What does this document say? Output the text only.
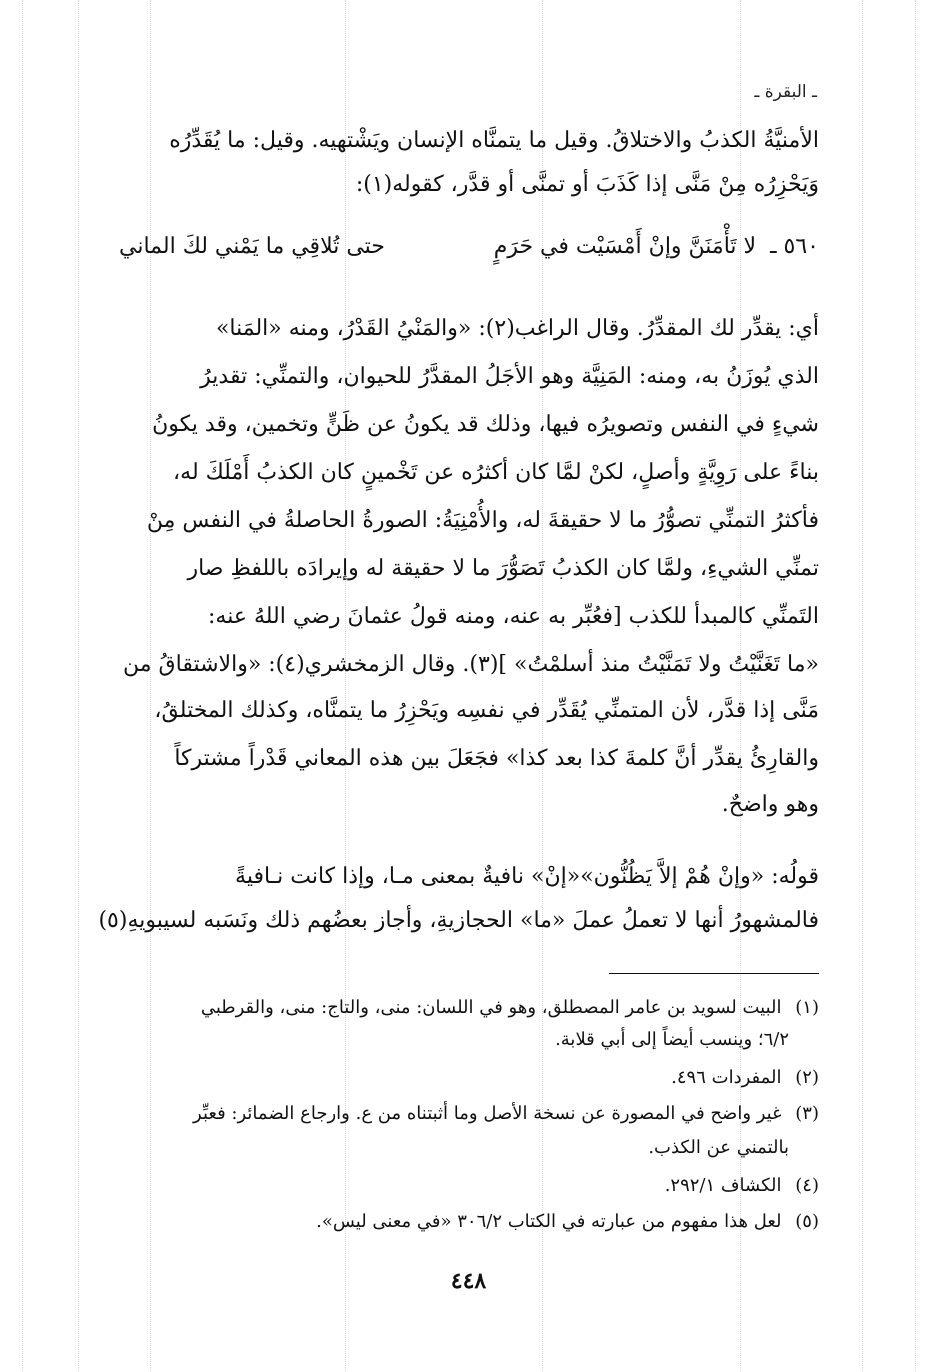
ـ البقرة ـ
الأمنيَّةُ الكذبُ والاختلاقُ. وقيل ما يتمنَّاه الإنسان ويَشْتهيه. وقيل: ما يُقَدِّرُه
وَيَحْزِرُه مِنْ مَنَّى إذا كَذَبَ أو تمنَّى أو قدَّر، كقوله(١):
٥٦٠ ـ
لا تَأْمَنَنَّ وإنْ أَمْسَيْت في حَرَمٍ
حتى تُلاقِي ما يَمْني لكَ الماني
أي: يقدِّر لك المقدِّرُ. وقال الراغب(٢): «والمَنْيُ القَدْرُ، ومنه «المَنا»
الذي يُوزَنُ به، ومنه: المَنِيَّة وهو الأجَلُ المقدَّرُ للحيوان، والتمنِّي: تقديرُ
شيءٍ في النفس وتصويرُه فيها، وذلك قد يكونُ عن ظَنٍّ وتخمين، وقد يكونُ
بناءً على رَوِيَّةٍ وأصلٍ، لكنْ لمَّا كان أكثرُه عن تَخْمينٍ كان الكذبُ أَمْلَكَ له،
فأكثرُ التمنِّي تصوُّرُ ما لا حقيقةَ له، والأُمْنِيَةُ: الصورةُ الحاصلةُ في النفس مِنْ
تمنِّي الشيءِ، ولمَّا كان الكذبُ تَصَوُّرَ ما لا حقيقة له وإيرادَه باللفظِ صار
التَمنِّي كالمبدأ للكذب [فعُبِّر به عنه، ومنه قولُ عثمانَ رضي اللهُ عنه:
«ما تَغَنَّيْتُ ولا تَمَنَّيْتُ منذ أسلمْتُ» ](٣). وقال الزمخشري(٤): «والاشتقاقُ من
مَنَّى إذا قدَّر، لأن المتمنِّي يُقَدِّر في نفسِه ويَحْزِرُ ما يتمنَّاه، وكذلك المختلقُ،
والقارِئُ يقدِّر أنَّ كلمةَ كذا بعد كذا» فجَعَلَ بين هذه المعاني قَدْراً مشتركاً
وهو واضحٌ.
قولُه: «وإنْ هُمْ إلاَّ يَظُنُّون»«إنْ» نافيةٌ بمعنى مـا، وإذا كانت نـافيةً
فالمشهورُ أنها لا تعملُ عملَ «ما» الحجازيةِ، وأجاز بعضُهم ذلك ونَسَبه لسيبويهِ(٥)
(١) البيت لسويد بن عامر المصطلق، وهو في اللسان: منى، والتاج: منى، والقرطبي
٦/٢؛ وينسب أيضاً إلى أبي قلابة.
(٢) المفردات ٤٩٦.
(٣) غير واضح في المصورة عن نسخة الأصل وما أثبتناه من ع. وارجاع الضمائر: فعبِّر
بالتمني عن الكذب.
(٤) الكشاف ٢٩٢/١.
(٥) لعل هذا مفهوم من عبارته في الكتاب ٣٠٦/٢ «في معنى ليس».
٤٤٨
